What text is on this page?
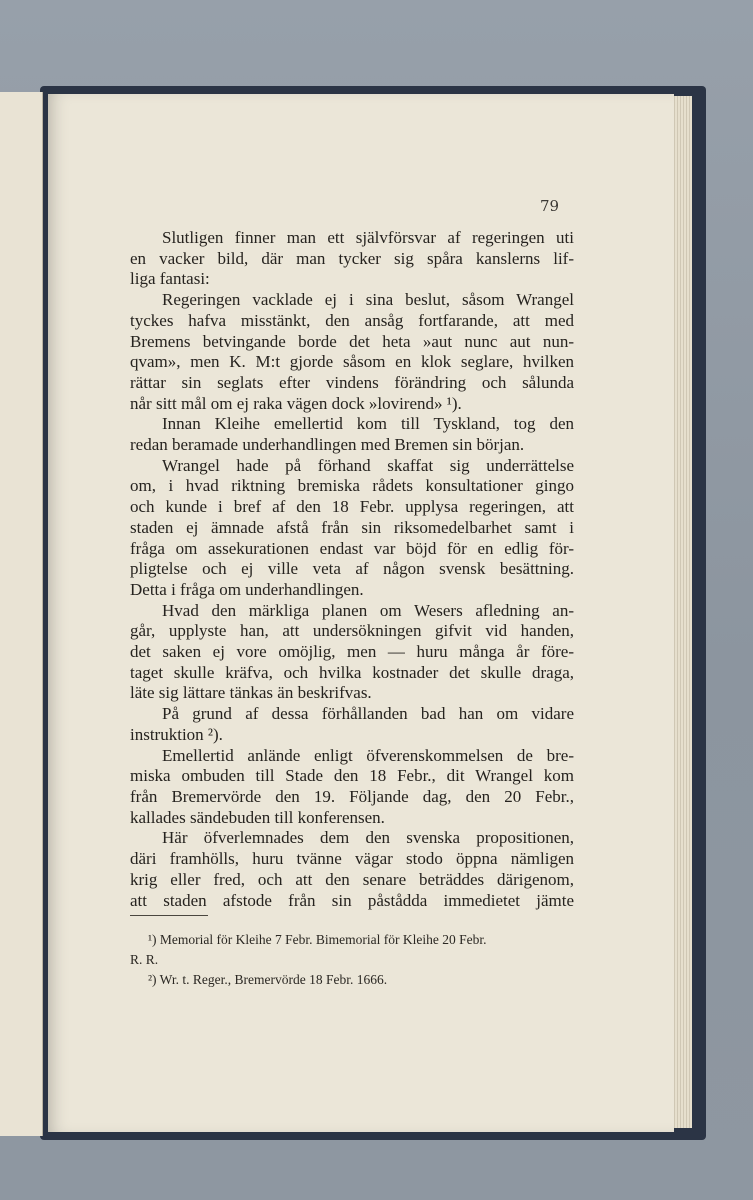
79
Slutligen finner man ett självförsvar af regeringen uti
en vacker bild, där man tycker sig spåra kanslerns lif-
liga fantasi:
Regeringen vacklade ej i sina beslut, såsom Wrangel
tyckes hafva misstänkt, den ansåg fortfarande, att med
Bremens betvingande borde det heta »aut nunc aut nun-
qvam», men K. M:t gjorde såsom en klok seglare, hvilken
rättar sin seglats efter vindens förändring och sålunda
når sitt mål om ej raka vägen dock »lovirend» ¹).
Innan Kleihe emellertid kom till Tyskland, tog den
redan beramade underhandlingen med Bremen sin början.
Wrangel hade på förhand skaffat sig underrättelse
om, i hvad riktning bremiska rådets konsultationer gingo
och kunde i bref af den 18 Febr. upplysa regeringen, att
staden ej ämnade afstå från sin riksomedelbarhet samt i
fråga om assekurationen endast var böjd för en edlig för-
pligtelse och ej ville veta af någon svensk besättning.
Detta i fråga om underhandlingen.
Hvad den märkliga planen om Wesers afledning an-
går, upplyste han, att undersökningen gifvit vid handen,
det saken ej vore omöjlig, men — huru många år före-
taget skulle kräfva, och hvilka kostnader det skulle draga,
läte sig lättare tänkas än beskrifvas.
På grund af dessa förhållanden bad han om vidare
instruktion ²).
Emellertid anlände enligt öfverenskommelsen de bre-
miska ombuden till Stade den 18 Febr., dit Wrangel kom
från Bremervörde den 19. Följande dag, den 20 Febr.,
kallades sändebuden till konferensen.
Här öfverlemnades dem den svenska propositionen,
däri framhölls, huru tvänne vägar stodo öppna nämligen
krig eller fred, och att den senare beträddes därigenom,
att staden afstode från sin påstådda immedietet jämte
¹) Memorial för Kleihe 7 Febr. Bimemorial för Kleihe 20 Febr.
R. R.
²) Wr. t. Reger., Bremervörde 18 Febr. 1666.
